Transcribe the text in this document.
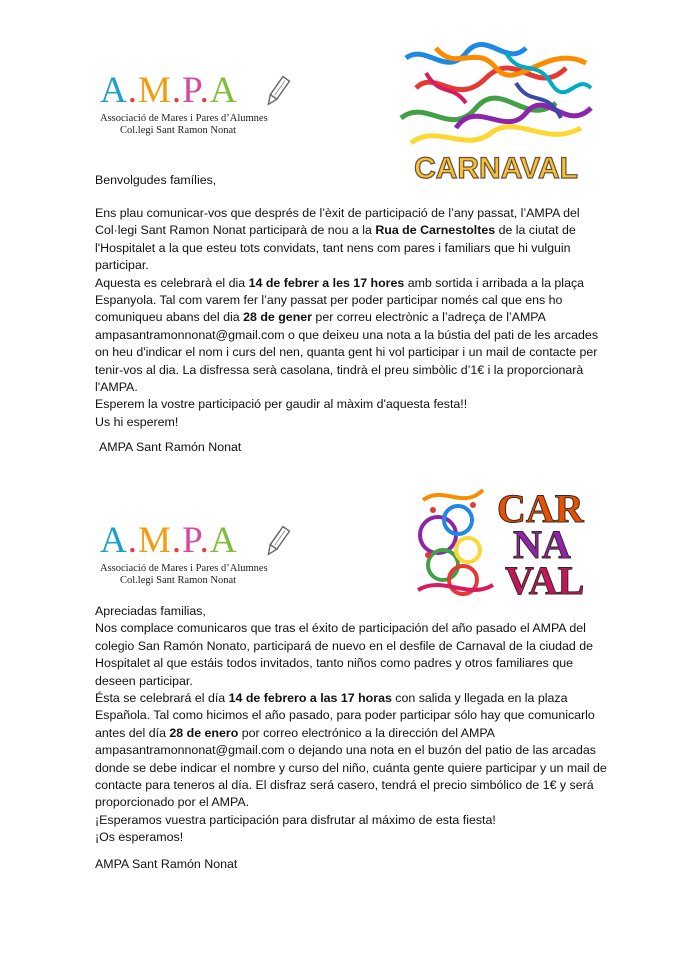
A.M.P.A
Associació de Mares i Pares d’Alumnes
Col.legi Sant Ramon Nonat
CARNAVAL

Benvolgudes famílies,

Ens plau comunicar-vos que després de l’èxit de participació de l’any passat, l’AMPA del Col·legi Sant Ramon Nonat participarà de nou a la Rua de Carnestoltes de la ciutat de l'Hospitalet a la que esteu tots convidats, tant nens com pares i familiars que hi vulguin participar.

Aquesta es celebrarà el dia 14 de febrer a les 17 hores amb sortida i arribada a la plaça Espanyola. Tal com varem fer l’any passat per poder participar només cal que ens ho comuniqueu abans del dia 28 de gener per correu electrònic a l’adreça de l’AMPA ampasantramonnonat@gmail.com o que deixeu una nota a la bústia del pati de les arcades on heu d'indicar el nom i curs del nen, quanta gent hi vol participar i un mail de contacte per tenir-vos al dia. La disfressa serà casolana, tindrà el preu simbòlic d’1€ i la proporcionarà l'AMPA.

Esperem la vostre participació per gaudir al màxim d'aquesta festa!!

Us hi esperem!

AMPA Sant Ramón Nonat
A.M.P.A
Associació de Mares i Pares d’Alumnes
Col.legi Sant Ramon Nonat
CAR
NA
VAL

Apreciadas familias,

Nos complace comunicaros que tras el éxito de participación del año pasado el AMPA del colegio San Ramón Nonato, participará de nuevo en el desfile de Carnaval de la ciudad de Hospitalet al que estáis todos invitados, tanto niños como padres y otros familiares que deseen participar.

Ésta se celebrará el día 14 de febrero a las 17 horas con salida y llegada en la plaza Española. Tal como hicimos el año pasado, para poder participar sólo hay que comunicarlo antes del día 28 de enero por correo electrónico a la dirección del AMPA ampasantramonnonat@gmail.com o dejando una nota en el buzón del patio de las arcadas donde se debe indicar el nombre y curso del niño, cuánta gente quiere participar y un mail de contacte para teneros al día. El disfraz será casero, tendrá el precio simbólico de 1€ y será proporcionado por el AMPA.

¡Esperamos vuestra participación para disfrutar al máximo de esta fiesta!

¡Os esperamos!

AMPA Sant Ramón Nonat
